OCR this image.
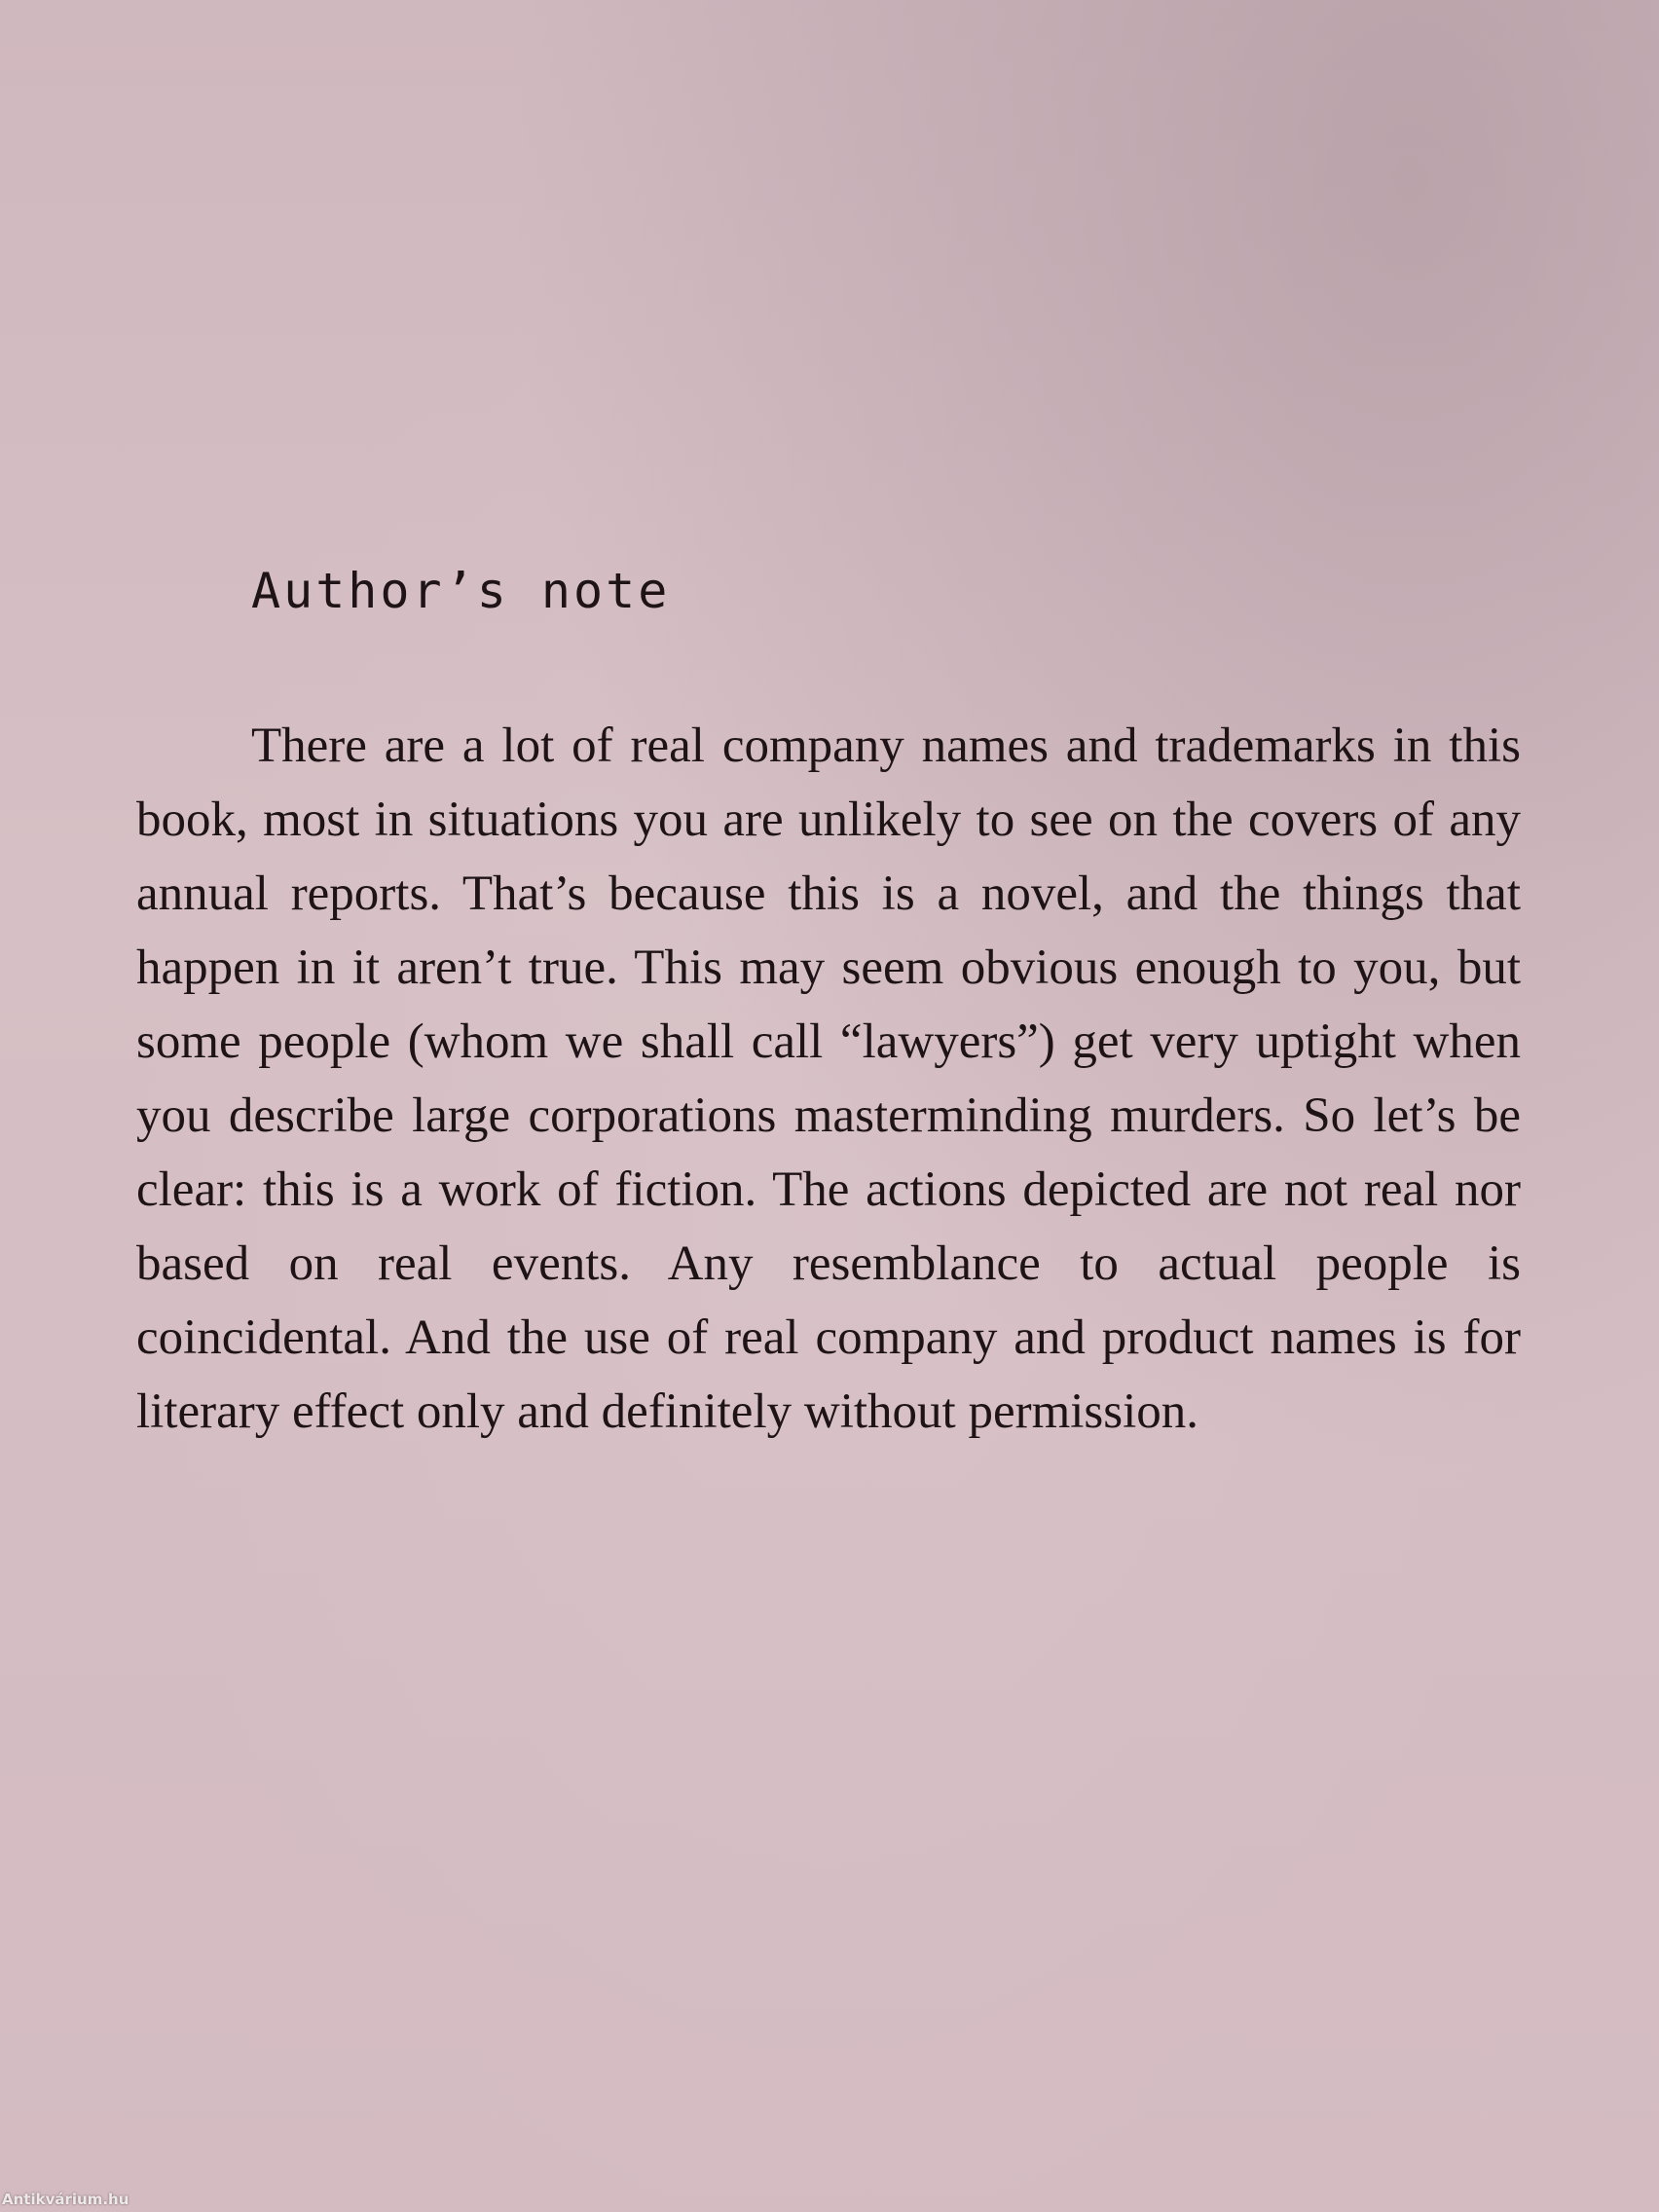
Author’s note

There are a lot of real company names and trademarks in this book, most in situations you are unlikely to see on the covers of any annual reports. That’s because this is a novel, and the things that happen in it aren’t true. This may seem obvious enough to you, but some people (whom we shall call “lawyers”) get very uptight when you describe large corporations masterminding murders. So let’s be clear: this is a work of fiction. The actions depicted are not real nor based on real events. Any resemblance to actual people is coincidental. And the use of real company and product names is for literary effect only and definitely without permission.

Antikvárium.hu
